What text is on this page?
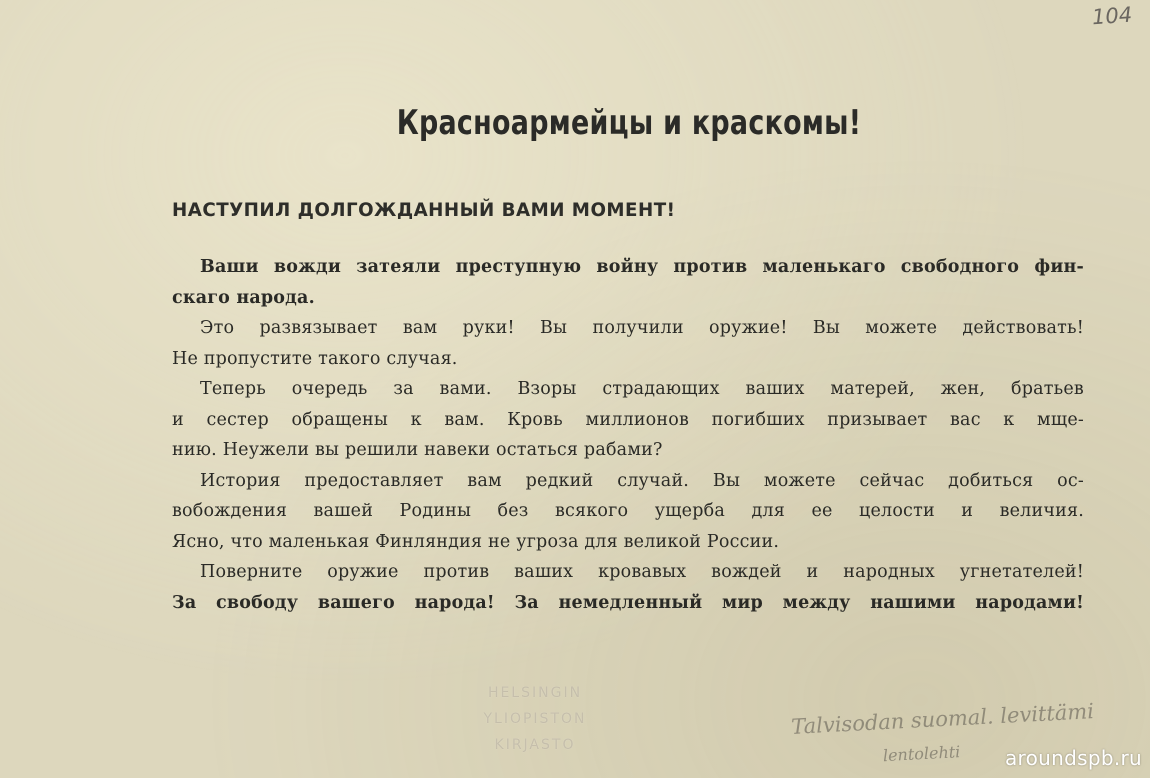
104
Красноармейцы и краскомы!
НАСТУПИЛ ДОЛГОЖДАННЫЙ ВАМИ МОМЕНТ!
Ваши вожди затеяли преступную войну против маленькаго свободного фин-
скаго народа.
Это развязывает вам руки! Вы получили оружие! Вы можете действовать!
Не пропустите такого случая.
Теперь очередь за вами. Взоры страдающих ваших матерей, жен, братьев
и сестер обращены к вам. Кровь миллионов погибших призывает вас к мще-
нию. Неужели вы решили навеки остаться рабами?
История предоставляет вам редкий случай. Вы можете сейчас добиться ос-
вобождения вашей Родины без всякого ущерба для ее целости и величия.
Ясно, что маленькая Финляндия не угроза для великой России.
Поверните оружие против ваших кровавых вождей и народных угнетателей!
За свободу вашего народа! За немедленный мир между нашими народами!
HELSINGIN
YLIOPISTON
KIRJASTO
Talvisodan suomal. levittämi
lentolehti	aroundspb.ru
